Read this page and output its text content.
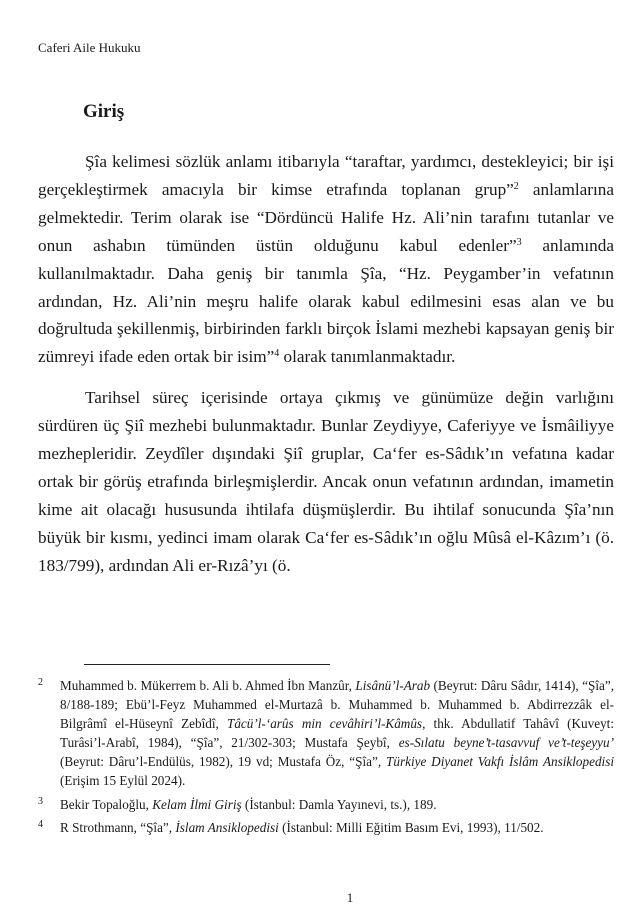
Caferi Aile Hukuku
Giriş

Şîa kelimesi sözlük anlamı itibarıyla “taraftar, yardımcı, destekleyici; bir işi gerçekleştirmek amacıyla bir kimse etrafında toplanan grup”$^2$ anlamlarına gelmektedir. Terim olarak ise “Dördüncü Halife Hz. Ali’nin tarafını tutanlar ve onun ashabın tümünden üstün olduğunu kabul edenler”$^3$ anlamında kullanılmaktadır. Daha geniş bir tanımla Şîa, “Hz. Peygamber’in vefatının ardından, Hz. Ali’nin meşru halife olarak kabul edilmesini esas alan ve bu doğrultuda şekillenmiş, birbirinden farklı birçok İslami mezhebi kapsayan geniş bir zümreyi ifade eden ortak bir isim”$^4$ olarak tanımlanmaktadır.

Tarihsel süreç içerisinde ortaya çıkmış ve günümüze değin varlığını sürdüren üç Şiî mezhebi bulunmaktadır. Bunlar Zeydiyye, Caferiyye ve İsmâiliyye mezhepleridir. Zeydîler dışındaki Şiî gruplar, Ca‘fer es-Sâdık’ın vefatına kadar ortak bir görüş etrafında birleşmişlerdir. Ancak onun vefatının ardından, imametin kime ait olacağı hususunda ihtilafa düşmüşlerdir. Bu ihtilaf sonucunda Şîa’nın büyük bir kısmı, yedinci imam olarak Ca‘fer es-Sâdık’ın oğlu Mûsâ el-Kâzım’ı (ö. 183/799), ardından Ali er-Rızâ’yı (ö.

2	Muhammed b. Mükerrem b. Ali b. Ahmed İbn Manzûr, Lisânü’l-Arab (Beyrut: Dâru Sâdır, 1414), “Şîa”, 8/188-189; Ebü’l-Feyz Muhammed el-Murtazâ b. Muhammed b. Muhammed b. Abdirrezzâk el-Bilgrâmî el-Hüseynî Zebîdî, Tâcü’l-‘arûs min cevâhiri’l-Kâmûs, thk. Abdullatif Tahâvî (Kuveyt: Turâsi’l-Arabî, 1984), “Şîa”, 21/302-303; Mustafa Şeybî, es-Sılatu beyne’t-tasavvuf ve’t-teşeyyu’ (Beyrut: Dâru’l-Endülüs, 1982), 19 vd; Mustafa Öz, “Şîa”, Türkiye Diyanet Vakfı İslâm Ansiklopedisi (Erişim 15 Eylül 2024).
3	Bekir Topaloğlu, Kelam İlmi Giriş (İstanbul: Damla Yayınevi, ts.), 189.
4	R Strothmann, “Şîa”, İslam Ansiklopedisi (İstanbul: Milli Eğitim Basım Evi, 1993), 11/502.
1
